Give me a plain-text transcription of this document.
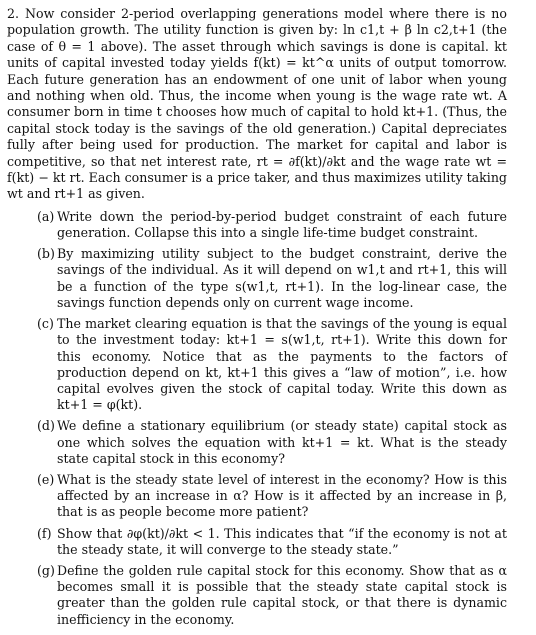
2. Now consider 2-period overlapping generations model where there is no population growth. The utility function is given by: ln c1,t + β ln c2,t+1 (the case of θ = 1 above). The asset through which savings is done is capital. kt units of capital invested today yields f(kt) = kt^α units of output tomorrow. Each future generation has an endowment of one unit of labor when young and nothing when old. Thus, the income when young is the wage rate wt. A consumer born in time t chooses how much of capital to hold kt+1. (Thus, the capital stock today is the savings of the old generation.) Capital depreciates fully after being used for production. The market for capital and labor is competitive, so that net interest rate, rt = ∂f(kt)/∂kt and the wage rate wt = f(kt) − kt rt. Each consumer is a price taker, and thus maximizes utility taking wt and rt+1 as given.

(a) Write down the period-by-period budget constraint of each future generation. Collapse this into a single life-time budget constraint.
(b) By maximizing utility subject to the budget constraint, derive the savings of the individual. As it will depend on w1,t and rt+1, this will be a function of the type s(w1,t, rt+1). In the log-linear case, the savings function depends only on current wage income.
(c) The market clearing equation is that the savings of the young is equal to the investment today: kt+1 = s(w1,t, rt+1). Write this down for this economy. Notice that as the payments to the factors of production depend on kt, kt+1 this gives a “law of motion”, i.e. how capital evolves given the stock of capital today. Write this down as kt+1 = φ(kt).
(d) We define a stationary equilibrium (or steady state) capital stock as one which solves the equation with kt+1 = kt. What is the steady state capital stock in this economy?
(e) What is the steady state level of interest in the economy? How is this affected by an increase in α? How is it affected by an increase in β, that is as people become more patient?
(f) Show that ∂φ(kt)/∂kt < 1. This indicates that “if the economy is not at the steady state, it will converge to the steady state.”
(g) Define the golden rule capital stock for this economy. Show that as α becomes small it is possible that the steady state capital stock is greater than the golden rule capital stock, or that there is dynamic inefficiency in the economy.
